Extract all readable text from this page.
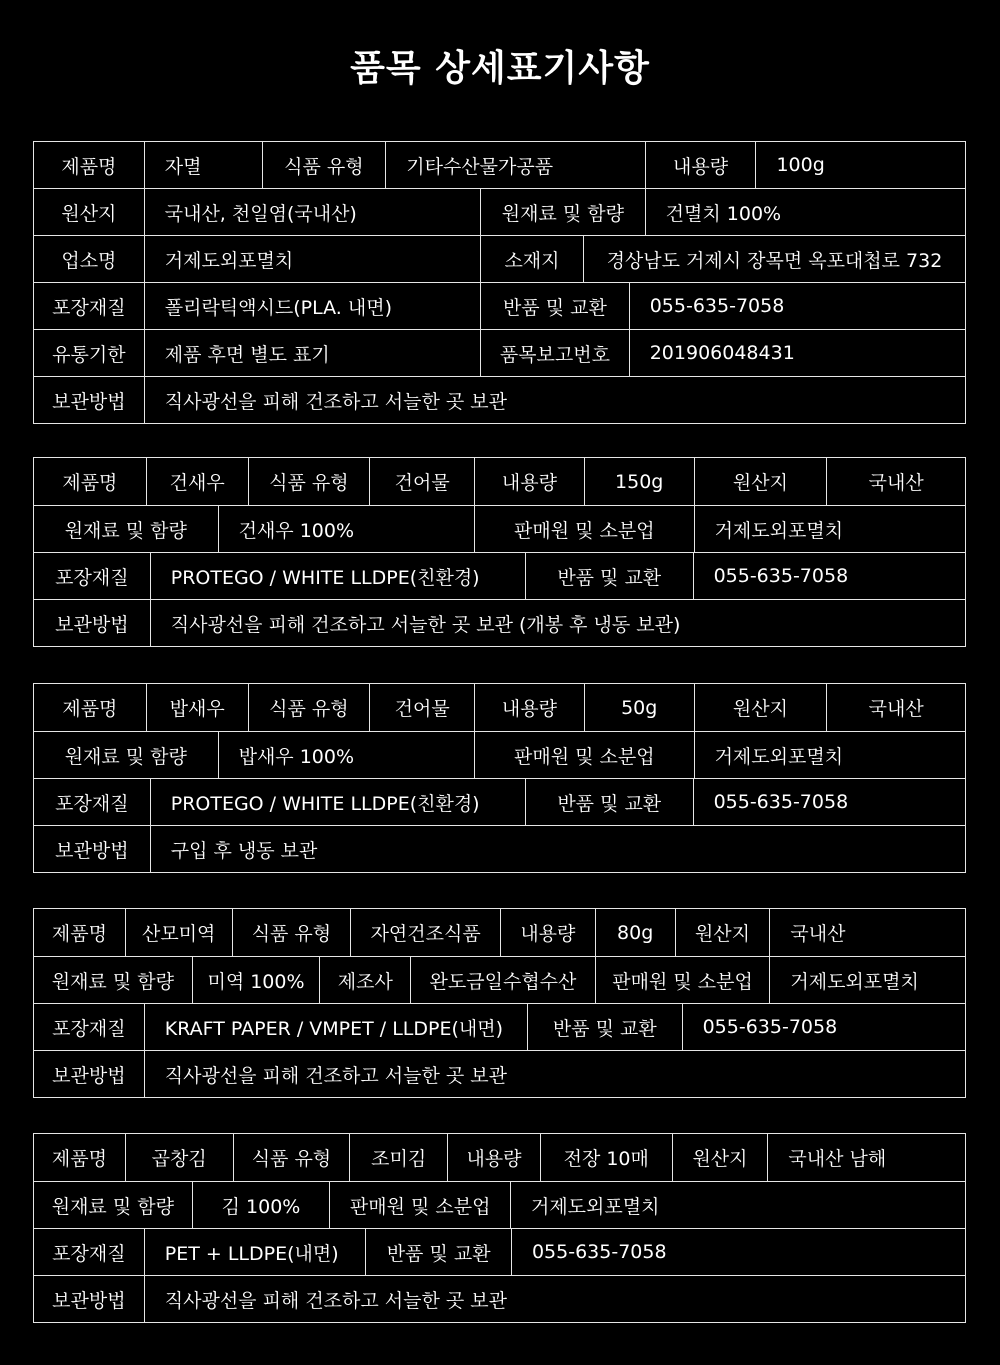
품목 상세표기사항
제품명	자멸	식품 유형	기타수산물가공품	내용량	100g
원산지	국내산, 천일염(국내산)	원재료 및 함량	건멸치 100%
업소명	거제도외포멸치	소재지	경상남도 거제시 장목면 옥포대첩로 732
포장재질	폴리락틱액시드(PLA. 내면)	반품 및 교환	055-635-7058
유통기한	제품 후면 별도 표기	품목보고번호	201906048431
보관방법	직사광선을 피해 건조하고 서늘한 곳 보관
제품명	건새우	식품 유형	건어물	내용량	150g	원산지	국내산
원재료 및 함량	건새우 100%	판매원 및 소분업	거제도외포멸치
포장재질	PROTEGO / WHITE LLDPE(친환경)	반품 및 교환	055-635-7058
보관방법	직사광선을 피해 건조하고 서늘한 곳 보관 (개봉 후 냉동 보관)
제품명	밥새우	식품 유형	건어물	내용량	50g	원산지	국내산
원재료 및 함량	밥새우 100%	판매원 및 소분업	거제도외포멸치
포장재질	PROTEGO / WHITE LLDPE(친환경)	반품 및 교환	055-635-7058
보관방법	구입 후 냉동 보관
제품명	산모미역	식품 유형	자연건조식품	내용량	80g	원산지	국내산
원재료 및 함량	미역 100%	제조사	완도금일수협수산	판매원 및 소분업	거제도외포멸치
포장재질	KRAFT PAPER / VMPET / LLDPE(내면)	반품 및 교환	055-635-7058
보관방법	직사광선을 피해 건조하고 서늘한 곳 보관
제품명	곱창김	식품 유형	조미김	내용량	전장 10매	원산지	국내산 남해
원재료 및 함량	김 100%	판매원 및 소분업	거제도외포멸치
포장재질	PET + LLDPE(내면)	반품 및 교환	055-635-7058
보관방법	직사광선을 피해 건조하고 서늘한 곳 보관
